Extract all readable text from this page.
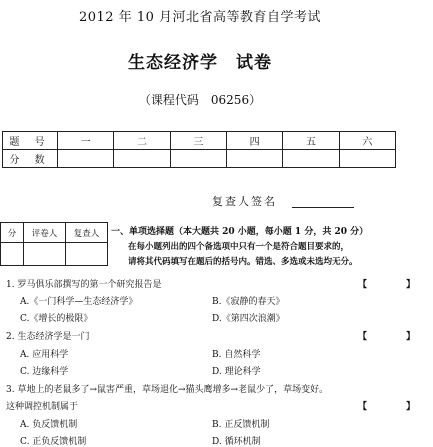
2012 年 10 月河北省高等教育自学考试
生态经济学　试卷
（课程代码　06256）
题 号	一	二	三	四	五	六
分 数						
复查人签名
分	评卷人	复查人
		一、单项选择题（本大题共 20 小题，每小题 1 分，共 20 分）
在每小题列出的四个备选项中只有一个是符合题目要求的，
请将其代码填写在题后的括号内。错选、多选或未选均无分。
1. 罗马俱乐部撰写的第一个研究报告是	【 】
A.《一门科学—生态经济学》	B.《寂静的春天》
C.《增长的极限》	D.《第四次浪潮》
2. 生态经济学是一门	【 】
A. 应用科学	B. 自然科学
C. 边缘科学	D. 理论科学
3. 草地上的老鼠多了→鼠害严重，草场退化→猫头鹰增多→老鼠少了，草场变好。
这种调控机制属于	【 】
A. 负反馈机制	B. 正反馈机制
C. 正负反馈机制	D. 循环机制
